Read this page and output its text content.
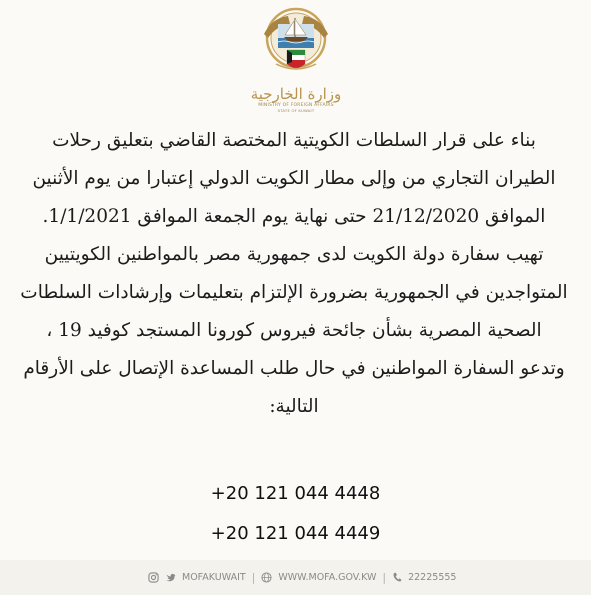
وزارة الخارجية
MINISTRY OF FOREIGN AFFAIRS
STATE OF KUWAIT
بناء على قرار السلطات الكويتية المختصة القاضي بتعليق رحلات
الطيران التجاري من وإلى مطار الكويت الدولي إعتبارا من يوم الأثنين
الموافق 21/12/2020 حتى نهاية يوم الجمعة الموافق 1/1/2021.
تهيب سفارة دولة الكويت لدى جمهورية مصر بالمواطنين الكويتيين
المتواجدين في الجمهورية بضرورة الإلتزام بتعليمات وإرشادات السلطات
الصحية المصرية بشأن جائحة فيروس كورونا المستجد كوفيد 19 ،
وتدعو السفارة المواطنين في حال طلب المساعدة الإتصال على الأرقام
التالية:
+20 121 044 4448
+20 121 044 4449
MOFAKUWAIT | WWW.MOFA.GOV.KW | 22225555
